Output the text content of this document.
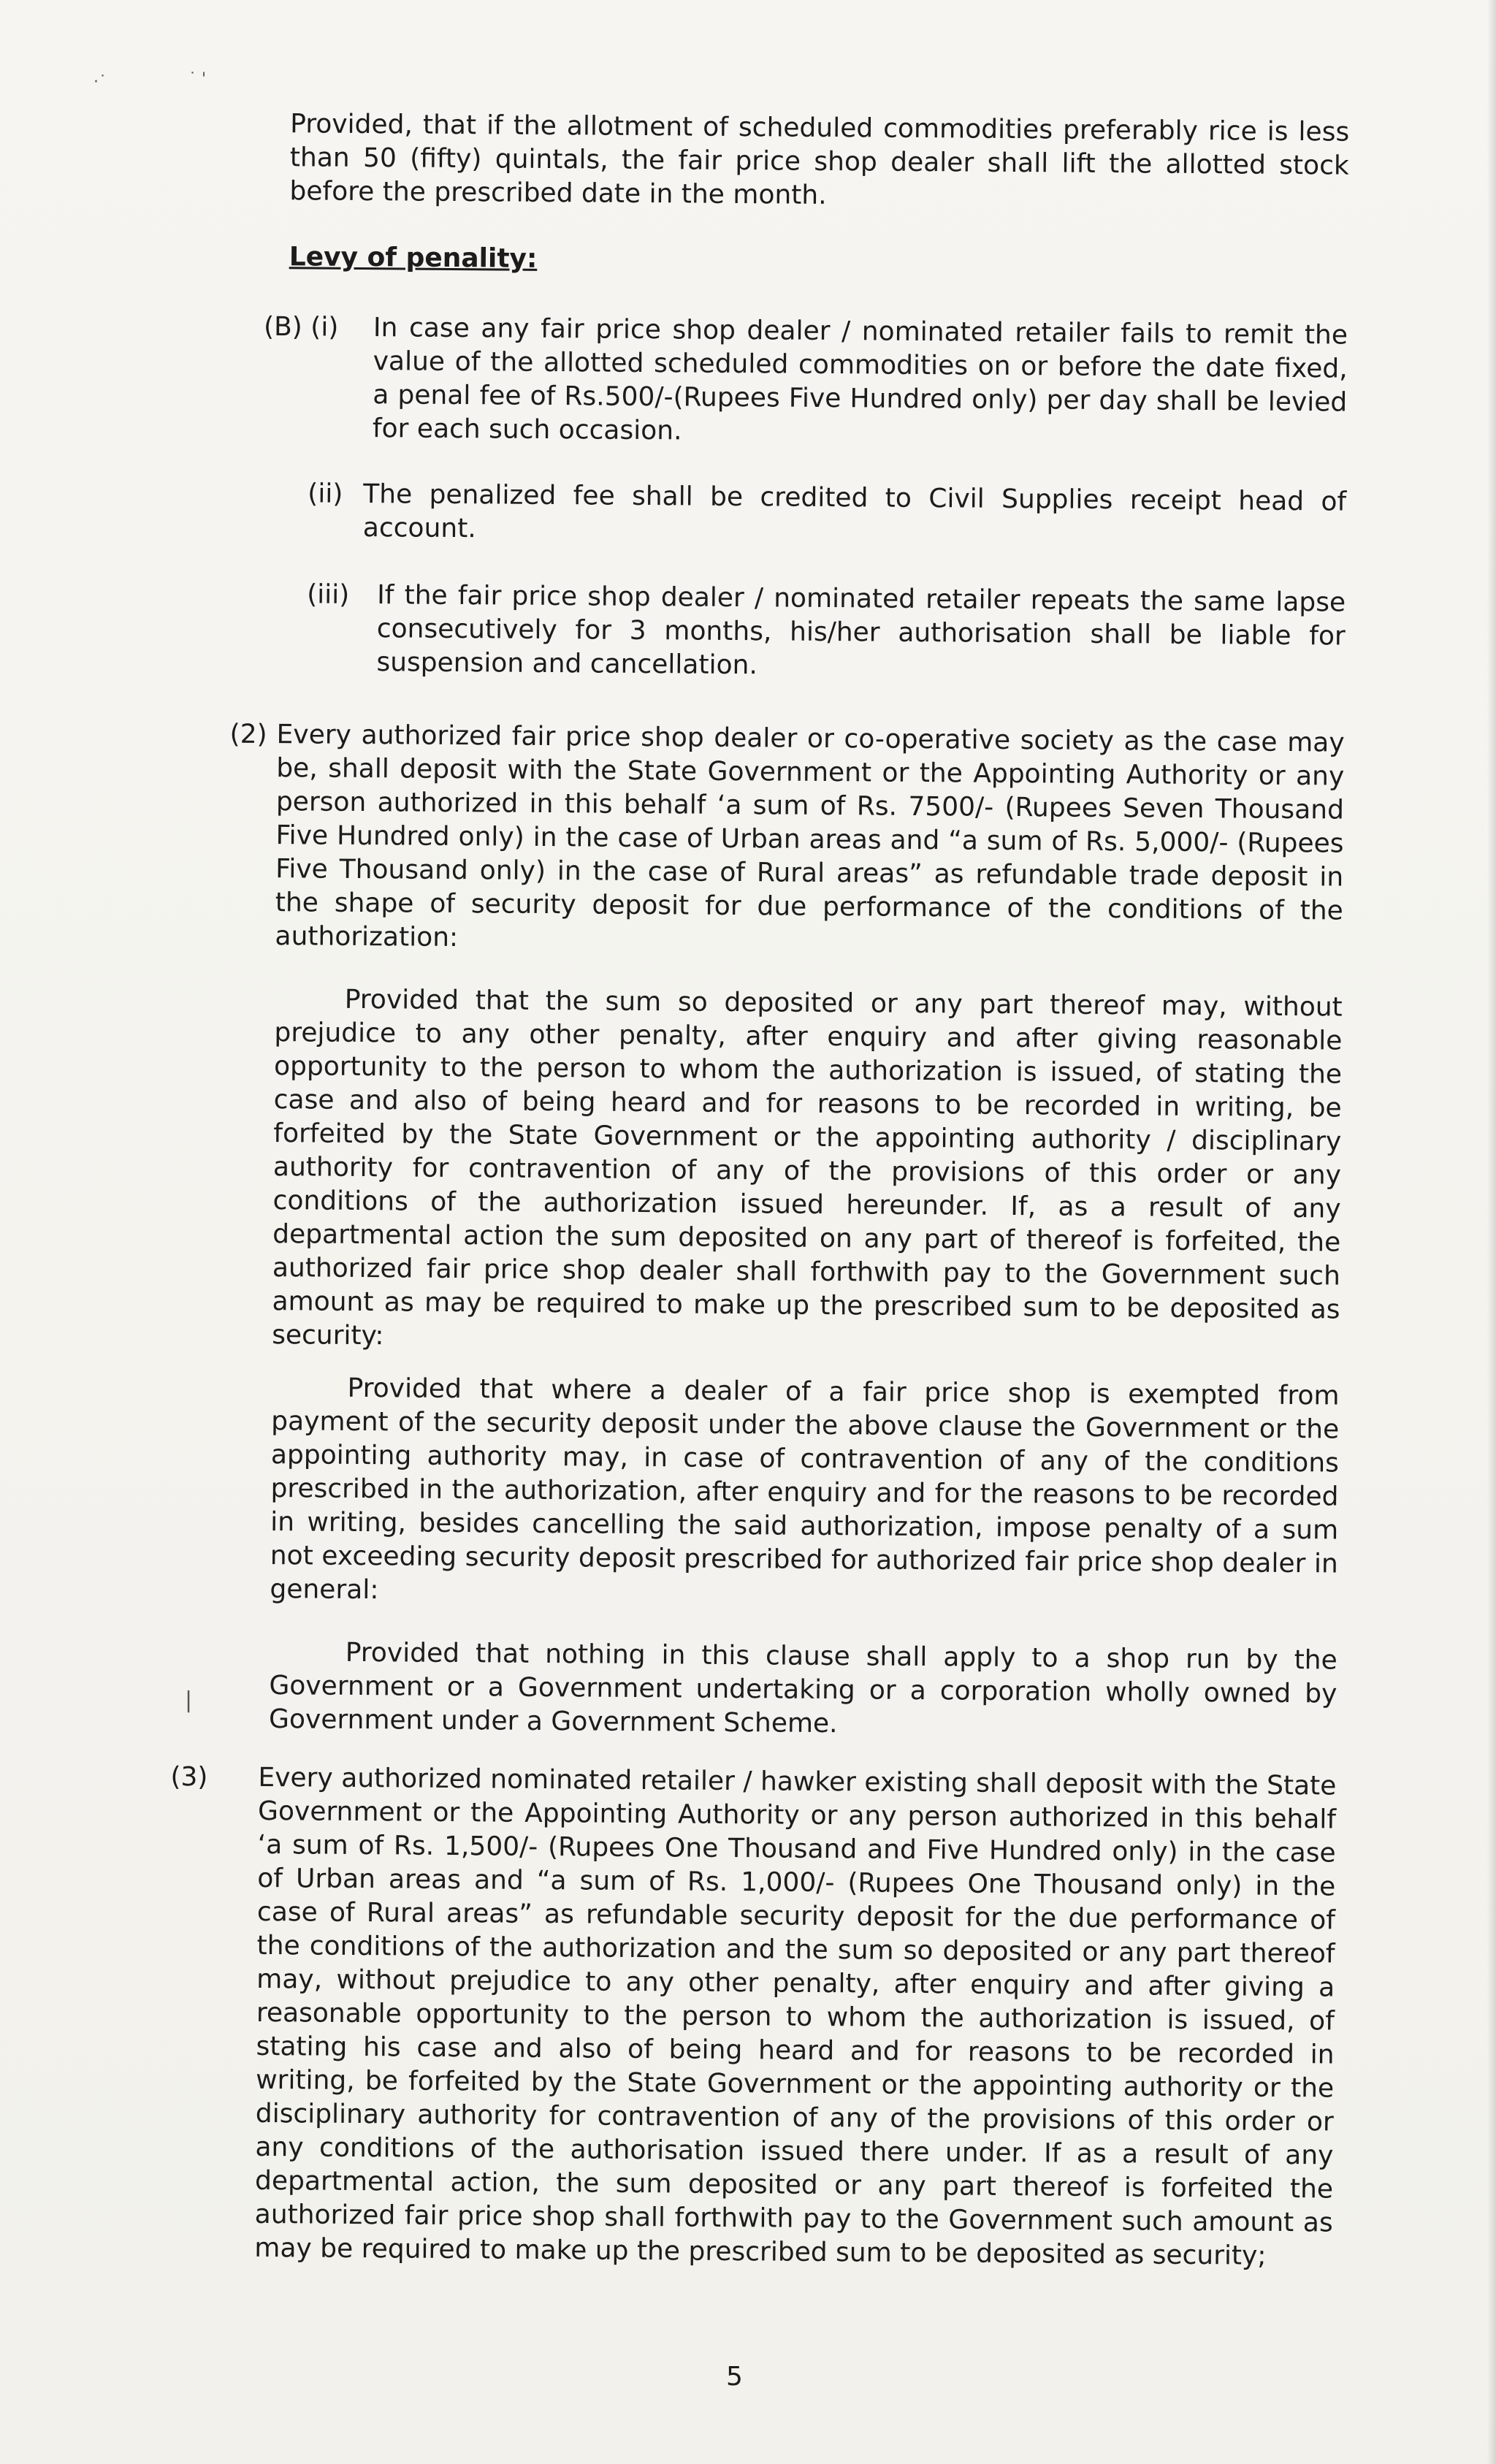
·˙	˙ '
|

Provided, that if the allotment of scheduled commodities preferably rice is less than 50 (fifty) quintals, the fair price shop dealer shall lift the allotted stock before the prescribed date in the month.

Levy of penality:
(B) (i) In case any fair price shop dealer / nominated retailer fails to remit the value of the allotted scheduled commodities on or before the date fixed, a penal fee of Rs.500/-(Rupees Five Hundred only) per day shall be levied for each such occasion.

(ii) The penalized fee shall be credited to Civil Supplies receipt head of account.

(iii) If the fair price shop dealer / nominated retailer repeats the same lapse consecutively for 3 months, his/her authorisation shall be liable for suspension and cancellation.

(2) Every authorized fair price shop dealer or co-operative society as the case may be, shall deposit with the State Government or the Appointing Authority or any person authorized in this behalf ‘a sum of Rs. 7500/- (Rupees Seven Thousand Five Hundred only) in the case of Urban areas and “a sum of Rs. 5,000/- (Rupees Five Thousand only) in the case of Rural areas” as refundable trade deposit in the shape of security deposit for due performance of the conditions of the authorization:

Provided that the sum so deposited or any part thereof may, without prejudice to any other penalty, after enquiry and after giving reasonable opportunity to the person to whom the authorization is issued, of stating the case and also of being heard and for reasons to be recorded in writing, be forfeited by the State Government or the appointing authority / disciplinary authority for contravention of any of the provisions of this order or any conditions of the authorization issued hereunder. If, as a result of any departmental action the sum deposited on any part of thereof is forfeited, the authorized fair price shop dealer shall forthwith pay to the Government such amount as may be required to make up the prescribed sum to be deposited as security:

Provided that where a dealer of a fair price shop is exempted from payment of the security deposit under the above clause the Government or the appointing authority may, in case of contravention of any of the conditions prescribed in the authorization, after enquiry and for the reasons to be recorded in writing, besides cancelling the said authorization, impose penalty of a sum not exceeding security deposit prescribed for authorized fair price shop dealer in general:

Provided that nothing in this clause shall apply to a shop run by the Government or a Government undertaking or a corporation wholly owned by Government under a Government Scheme.

(3) Every authorized nominated retailer / hawker existing shall deposit with the State Government or the Appointing Authority or any person authorized in this behalf ‘a sum of Rs. 1,500/- (Rupees One Thousand and Five Hundred only) in the case of Urban areas and “a sum of Rs. 1,000/- (Rupees One Thousand only) in the case of Rural areas” as refundable security deposit for the due performance of the conditions of the authorization and the sum so deposited or any part thereof may, without prejudice to any other penalty, after enquiry and after giving a reasonable opportunity to the person to whom the authorization is issued, of stating his case and also of being heard and for reasons to be recorded in writing, be forfeited by the State Government or the appointing authority or the disciplinary authority for contravention of any of the provisions of this order or any conditions of the authorisation issued there under. If as a result of any departmental action, the sum deposited or any part thereof is forfeited the authorized fair price shop shall forthwith pay to the Government such amount as may be required to make up the prescribed sum to be deposited as security;

5
